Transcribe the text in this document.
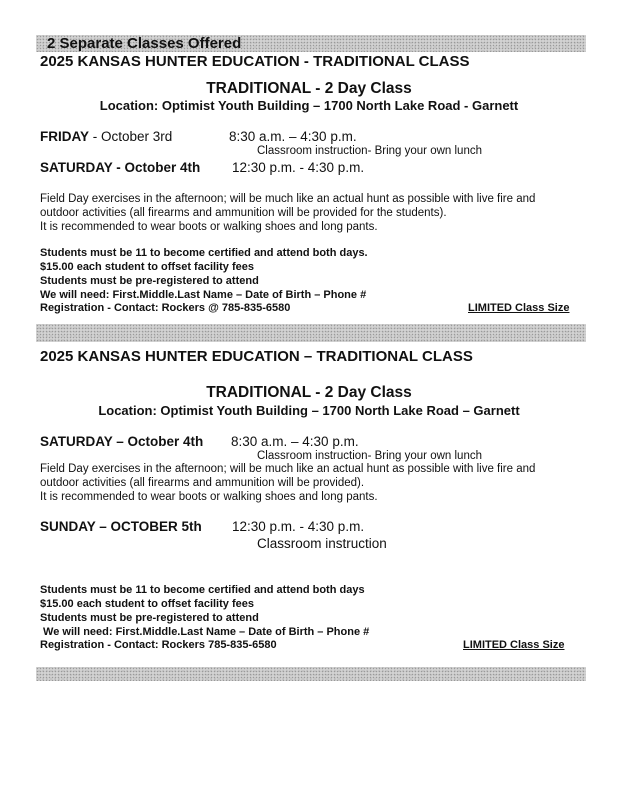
2 Separate Classes Offered
2025 KANSAS HUNTER EDUCATION - TRADITIONAL CLASS
TRADITIONAL - 2 Day Class
Location: Optimist Youth Building – 1700 North Lake Road - Garnett
FRIDAY - October 3rd	8:30 a.m. – 4:30 p.m.
Classroom instruction- Bring your own lunch
SATURDAY - October 4th 12:30 p.m. - 4:30 p.m.
Field Day exercises in the afternoon; will be much like an actual hunt as possible with live fire and
outdoor activities (all firearms and ammunition will be provided for the students).
It is recommended to wear boots or walking shoes and long pants.
Students must be 11 to become certified and attend both days.
$15.00 each student to offset facility fees
Students must be pre-registered to attend
We will need: First.Middle.Last Name – Date of Birth – Phone #
Registration - Contact: Rockers @ 785-835-6580	LIMITED Class Size
2025 KANSAS HUNTER EDUCATION – TRADITIONAL CLASS
TRADITIONAL - 2 Day Class
Location: Optimist Youth Building – 1700 North Lake Road – Garnett
SATURDAY – October 4th 8:30 a.m. – 4:30 p.m.
Classroom instruction- Bring your own lunch
Field Day exercises in the afternoon; will be much like an actual hunt as possible with live fire and
outdoor activities (all firearms and ammunition will be provided).
It is recommended to wear boots or walking shoes and long pants.
SUNDAY – OCTOBER 5th 12:30 p.m. - 4:30 p.m.
Classroom instruction
Students must be 11 to become certified and attend both days
$15.00 each student to offset facility fees
Students must be pre-registered to attend
We will need: First.Middle.Last Name – Date of Birth – Phone #
Registration - Contact: Rockers 785-835-6580	LIMITED Class Size
